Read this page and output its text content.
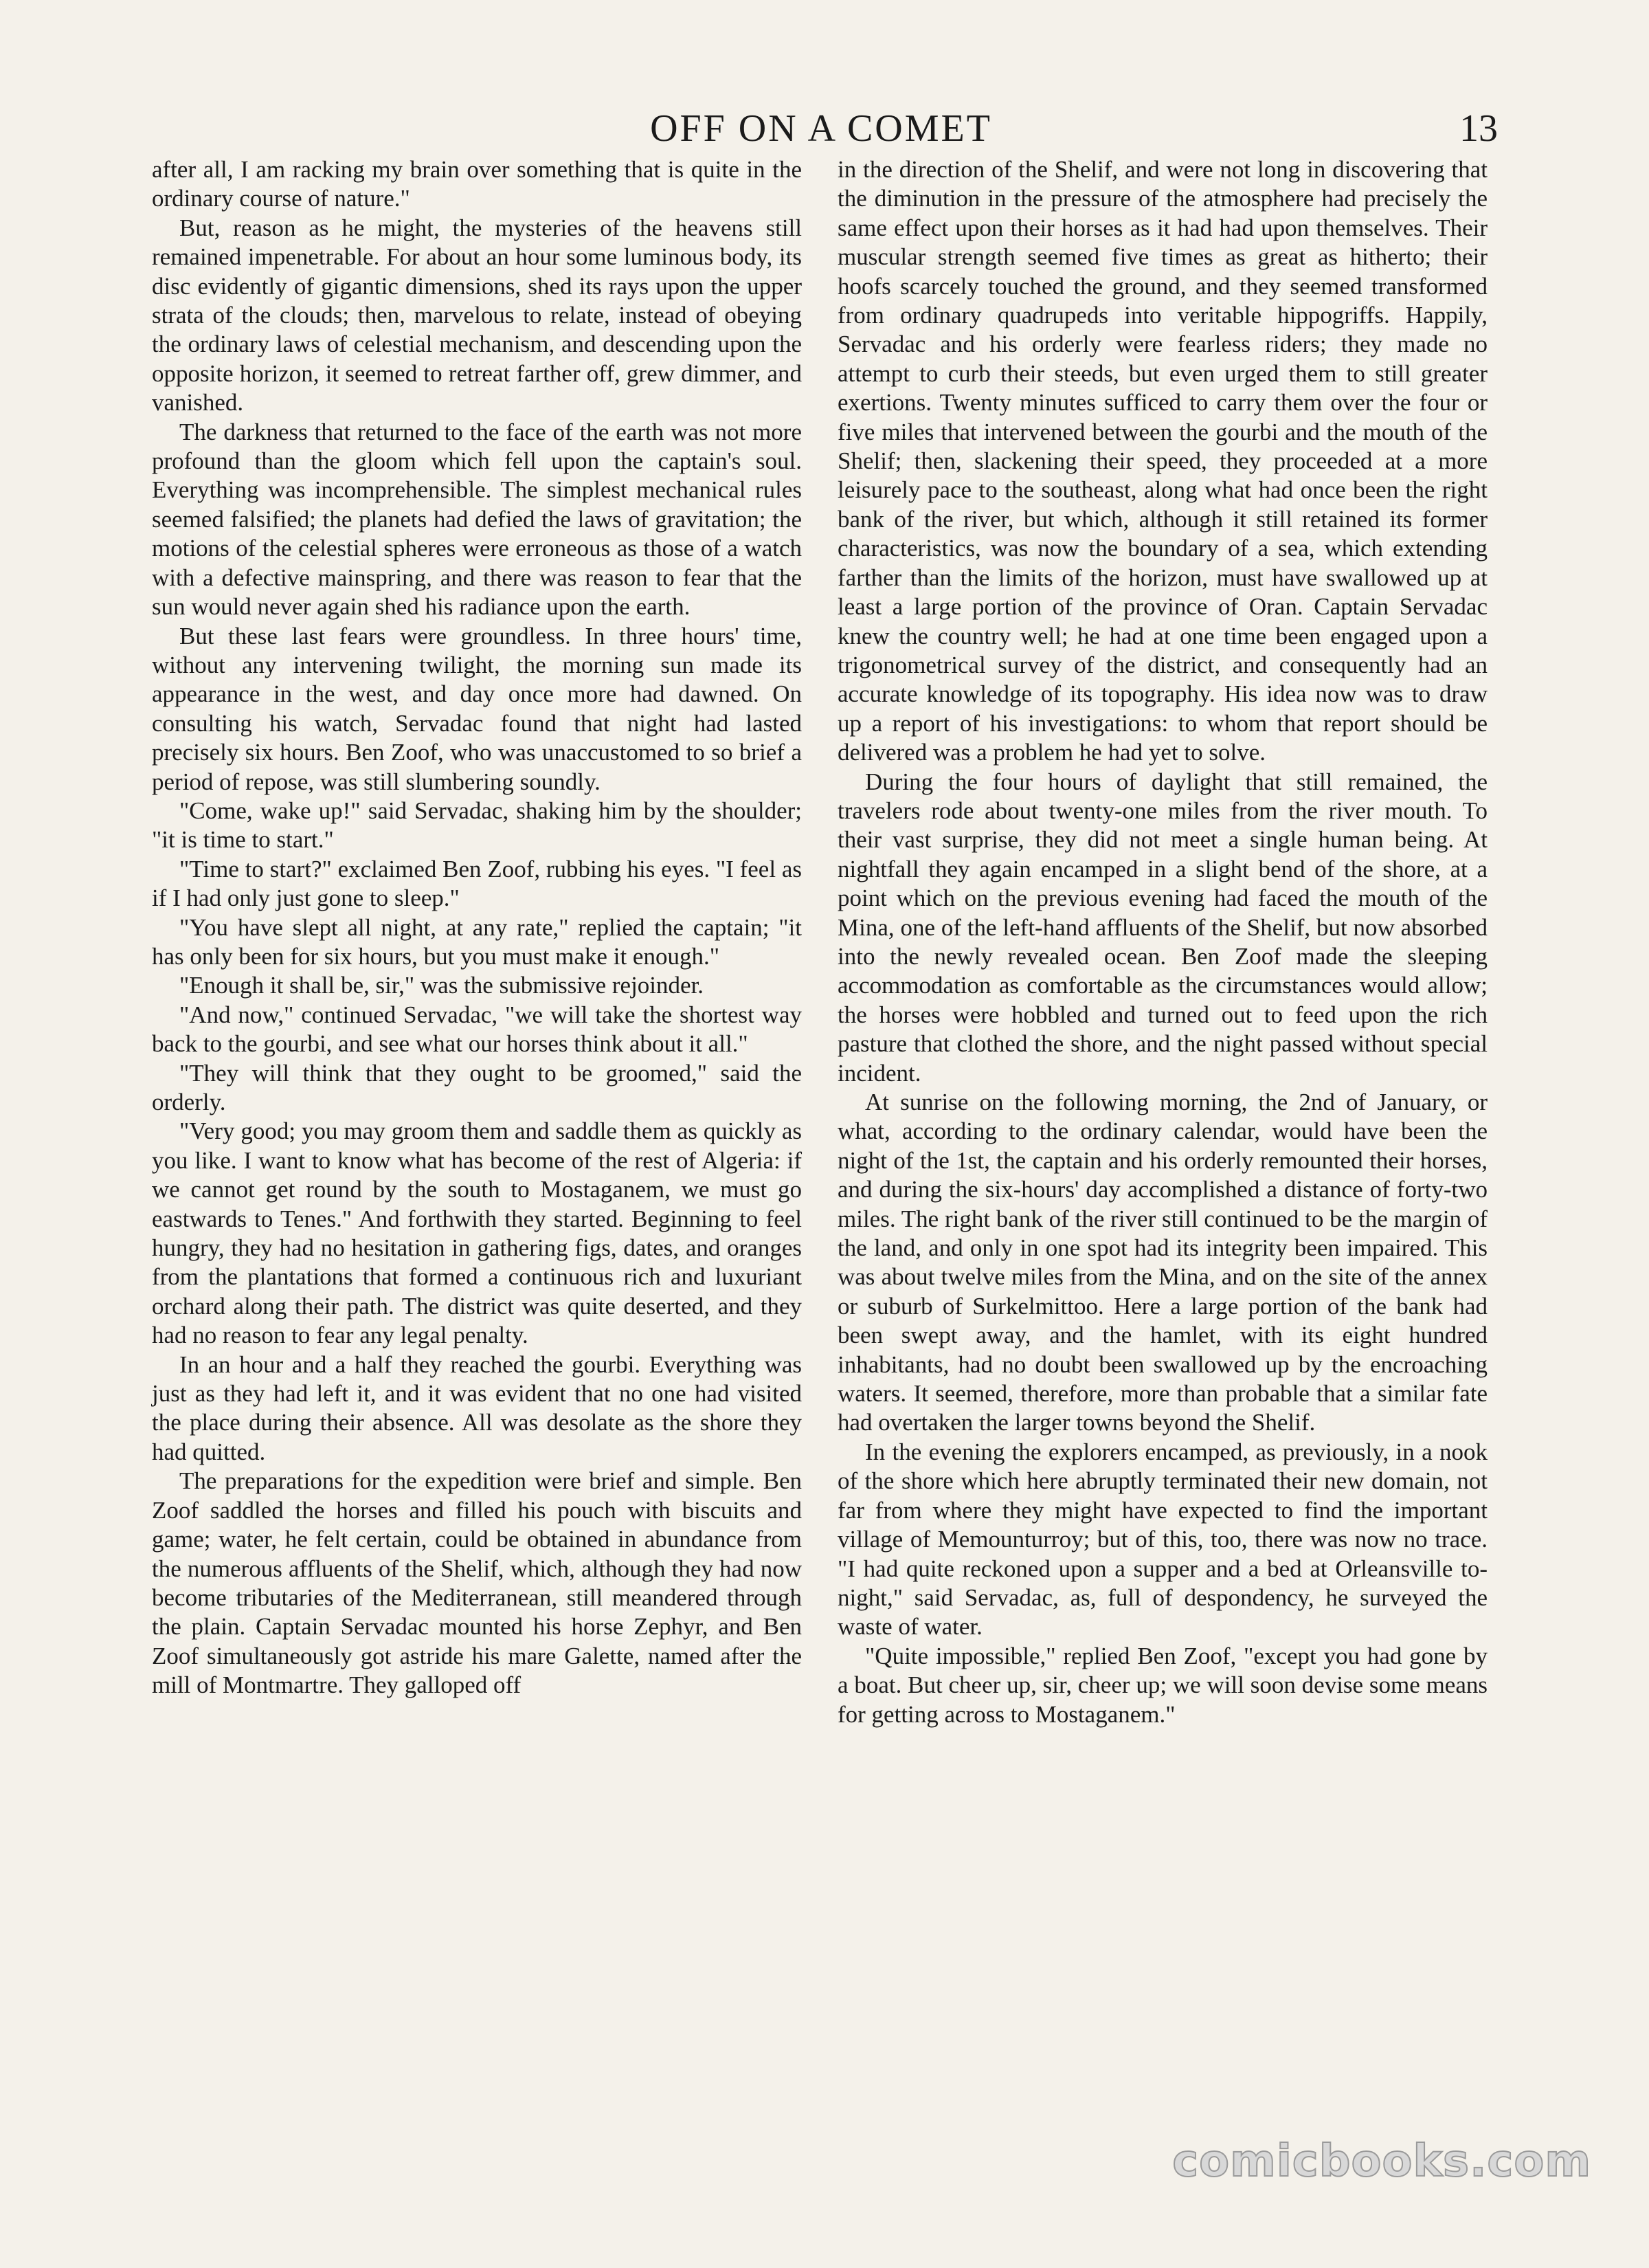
OFF ON A COMET	13

after all, I am racking my brain over something that is quite in the ordinary course of nature."

But, reason as he might, the mysteries of the heavens still remained impenetrable. For about an hour some luminous body, its disc evidently of gigantic dimensions, shed its rays upon the upper strata of the clouds; then, marvelous to relate, instead of obeying the ordinary laws of celestial mechanism, and descending upon the opposite horizon, it seemed to retreat farther off, grew dimmer, and vanished.

The darkness that returned to the face of the earth was not more profound than the gloom which fell upon the captain's soul. Everything was incomprehensible. The simplest mechanical rules seemed falsified; the planets had defied the laws of gravitation; the motions of the celestial spheres were erroneous as those of a watch with a defective mainspring, and there was reason to fear that the sun would never again shed his radiance upon the earth.

But these last fears were groundless. In three hours' time, without any intervening twilight, the morning sun made its appearance in the west, and day once more had dawned. On consulting his watch, Servadac found that night had lasted precisely six hours. Ben Zoof, who was unaccustomed to so brief a period of repose, was still slumbering soundly.

"Come, wake up!" said Servadac, shaking him by the shoulder; "it is time to start."

"Time to start?" exclaimed Ben Zoof, rubbing his eyes. "I feel as if I had only just gone to sleep."

"You have slept all night, at any rate," replied the captain; "it has only been for six hours, but you must make it enough."

"Enough it shall be, sir," was the submissive rejoinder.

"And now," continued Servadac, "we will take the shortest way back to the gourbi, and see what our horses think about it all."

"They will think that they ought to be groomed," said the orderly.

"Very good; you may groom them and saddle them as quickly as you like. I want to know what has become of the rest of Algeria: if we cannot get round by the south to Mostaganem, we must go eastwards to Tenes." And forthwith they started. Beginning to feel hungry, they had no hesitation in gathering figs, dates, and oranges from the plantations that formed a continuous rich and luxuriant orchard along their path. The district was quite deserted, and they had no reason to fear any legal penalty.

In an hour and a half they reached the gourbi. Everything was just as they had left it, and it was evident that no one had visited the place during their absence. All was desolate as the shore they had quitted.

The preparations for the expedition were brief and simple. Ben Zoof saddled the horses and filled his pouch with biscuits and game; water, he felt certain, could be obtained in abundance from the numerous affluents of the Shelif, which, although they had now become tributaries of the Mediterranean, still meandered through the plain. Captain Servadac mounted his horse Zephyr, and Ben Zoof simultaneously got astride his mare Galette, named after the mill of Montmartre. They galloped off

in the direction of the Shelif, and were not long in discovering that the diminution in the pressure of the atmosphere had precisely the same effect upon their horses as it had had upon themselves. Their muscular strength seemed five times as great as hitherto; their hoofs scarcely touched the ground, and they seemed transformed from ordinary quadrupeds into veritable hippogriffs. Happily, Servadac and his orderly were fearless riders; they made no attempt to curb their steeds, but even urged them to still greater exertions. Twenty minutes sufficed to carry them over the four or five miles that intervened between the gourbi and the mouth of the Shelif; then, slackening their speed, they proceeded at a more leisurely pace to the southeast, along what had once been the right bank of the river, but which, although it still retained its former characteristics, was now the boundary of a sea, which extending farther than the limits of the horizon, must have swallowed up at least a large portion of the province of Oran. Captain Servadac knew the country well; he had at one time been engaged upon a trigonometrical survey of the district, and consequently had an accurate knowledge of its topography. His idea now was to draw up a report of his investigations: to whom that report should be delivered was a problem he had yet to solve.

During the four hours of daylight that still remained, the travelers rode about twenty-one miles from the river mouth. To their vast surprise, they did not meet a single human being. At nightfall they again encamped in a slight bend of the shore, at a point which on the previous evening had faced the mouth of the Mina, one of the left-hand affluents of the Shelif, but now absorbed into the newly revealed ocean. Ben Zoof made the sleeping accommodation as comfortable as the circumstances would allow; the horses were hobbled and turned out to feed upon the rich pasture that clothed the shore, and the night passed without special incident.

At sunrise on the following morning, the 2nd of January, or what, according to the ordinary calendar, would have been the night of the 1st, the captain and his orderly remounted their horses, and during the six-hours' day accomplished a distance of forty-two miles. The right bank of the river still continued to be the margin of the land, and only in one spot had its integrity been impaired. This was about twelve miles from the Mina, and on the site of the annex or suburb of Surkelmittoo. Here a large portion of the bank had been swept away, and the hamlet, with its eight hundred inhabitants, had no doubt been swallowed up by the encroaching waters. It seemed, therefore, more than probable that a similar fate had overtaken the larger towns beyond the Shelif.

In the evening the explorers encamped, as previously, in a nook of the shore which here abruptly terminated their new domain, not far from where they might have expected to find the important village of Memounturroy; but of this, too, there was now no trace. "I had quite reckoned upon a supper and a bed at Orleansville to-night," said Servadac, as, full of despondency, he surveyed the waste of water.

"Quite impossible," replied Ben Zoof, "except you had gone by a boat. But cheer up, sir, cheer up; we will soon devise some means for getting across to Mostaganem."

comicbooks.com
